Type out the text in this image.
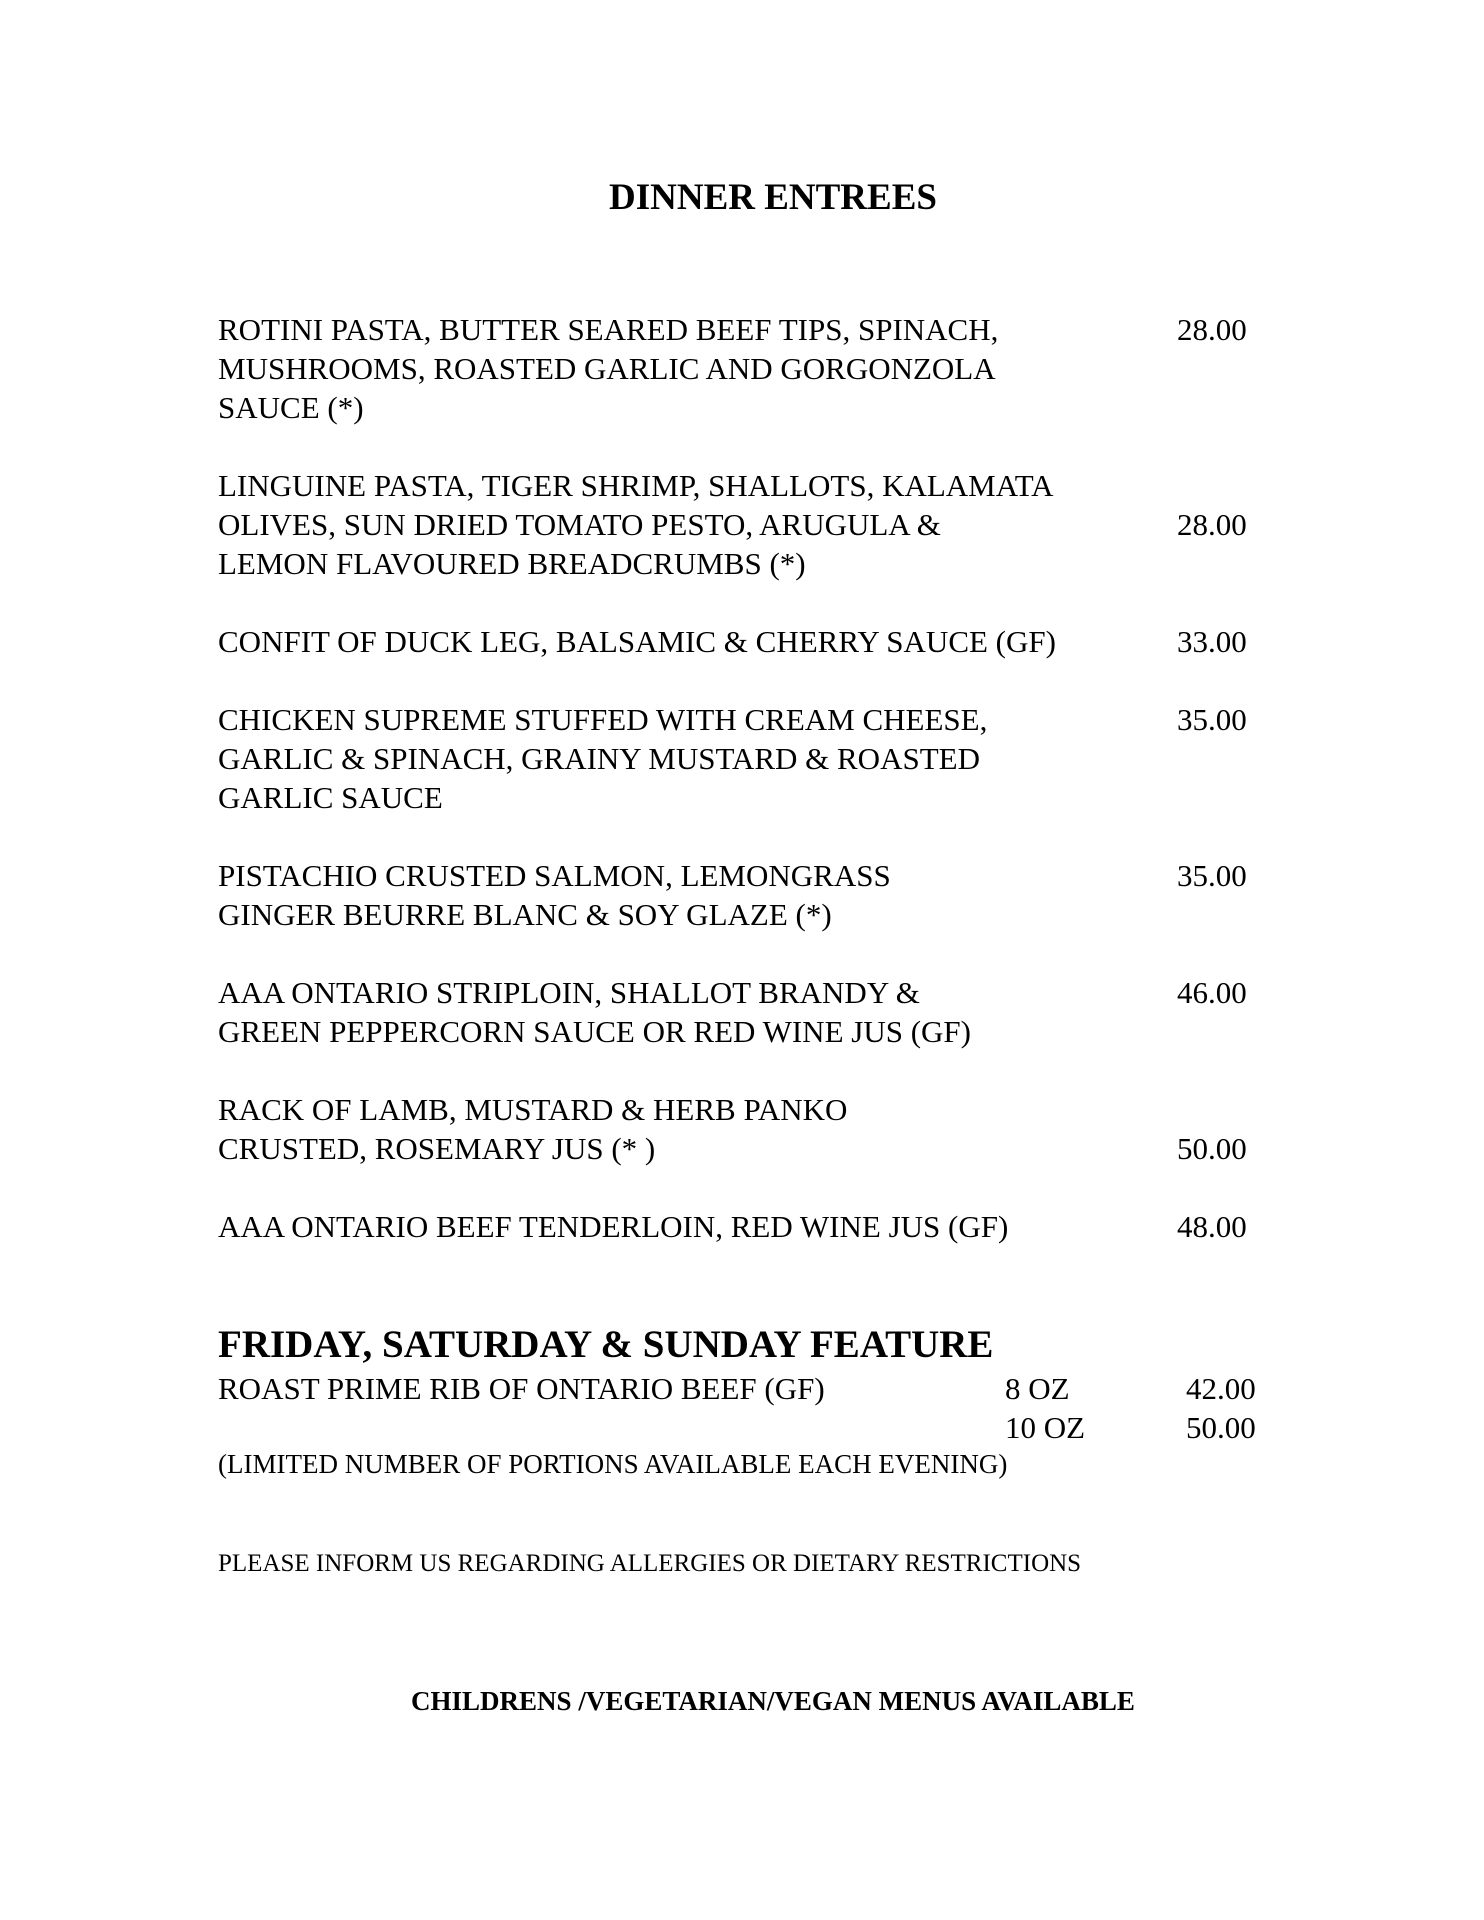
DINNER ENTREES
ROTINI PASTA, BUTTER SEARED BEEF TIPS, SPINACH,
MUSHROOMS, ROASTED GARLIC AND GORGONZOLA
SAUCE (*)
28.00
LINGUINE PASTA, TIGER SHRIMP, SHALLOTS, KALAMATA
OLIVES, SUN DRIED TOMATO PESTO, ARUGULA &
LEMON FLAVOURED BREADCRUMBS (*)
28.00
CONFIT OF DUCK LEG, BALSAMIC & CHERRY SAUCE (GF)	33.00
CHICKEN SUPREME STUFFED WITH CREAM CHEESE,
GARLIC & SPINACH, GRAINY MUSTARD & ROASTED
GARLIC SAUCE
35.00
PISTACHIO CRUSTED SALMON, LEMONGRASS
GINGER BEURRE BLANC & SOY GLAZE (*)
35.00
AAA ONTARIO STRIPLOIN, SHALLOT BRANDY &
GREEN PEPPERCORN SAUCE OR RED WINE JUS (GF)
46.00
RACK OF LAMB, MUSTARD & HERB PANKO
CRUSTED, ROSEMARY JUS (* )	50.00
AAA ONTARIO BEEF TENDERLOIN, RED WINE JUS (GF)	48.00
FRIDAY, SATURDAY & SUNDAY FEATURE
ROAST PRIME RIB OF ONTARIO BEEF (GF)	8 OZ	42.00
10 OZ	50.00
(LIMITED NUMBER OF PORTIONS AVAILABLE EACH EVENING)
PLEASE INFORM US REGARDING ALLERGIES OR DIETARY RESTRICTIONS
CHILDRENS /VEGETARIAN/VEGAN MENUS AVAILABLE
